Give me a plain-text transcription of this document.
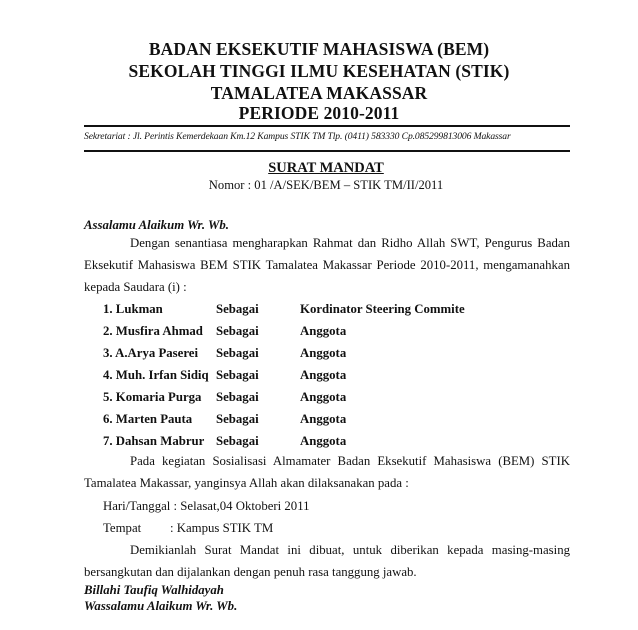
BADAN EKSEKUTIF MAHASISWA (BEM)
SEKOLAH TINGGI ILMU KESEHATAN (STIK)
TAMALATEA MAKASSAR
PERIODE 2010-2011
Sekretariat : Jl. Perintis Kemerdekaan Km.12 Kampus STIK TM Tlp. (0411) 583330 Cp.085299813006 Makassar
SURAT MANDAT
Nomor : 01 /A/SEK/BEM – STIK TM/II/2011
Assalamu Alaikum Wr. Wb.
Dengan senantiasa mengharapkan Rahmat dan Ridho Allah SWT, Pengurus Badan
Eksekutif Mahasiswa BEM STIK Tamalatea Makassar Periode 2010-2011, mengamanahkan
kepada Saudara (i) :
1. Lukman	Sebagai	Kordinator Steering Commite
2. Musfira Ahmad Sebagai	Anggota
3. A.Arya Paserei Sebagai	Anggota
4. Muh. Irfan Sidiq Sebagai	Anggota
5. Komaria Purga Sebagai	Anggota
6. Marten Pauta Sebagai	Anggota
7. Dahsan Mabrur Sebagai	Anggota
Pada kegiatan Sosialisasi Almamater Badan Eksekutif Mahasiswa (BEM) STIK
Tamalatea Makassar, yanginsya Allah akan dilaksanakan pada :
Hari/Tanggal : Selasat,04 Oktoberi 2011
Tempat : Kampus STIK TM
Demikianlah Surat Mandat ini dibuat, untuk diberikan kepada masing-masing
bersangkutan dan dijalankan dengan penuh rasa tanggung jawab.
Billahi Taufiq Walhidayah
Wassalamu Alaikum Wr. Wb.
